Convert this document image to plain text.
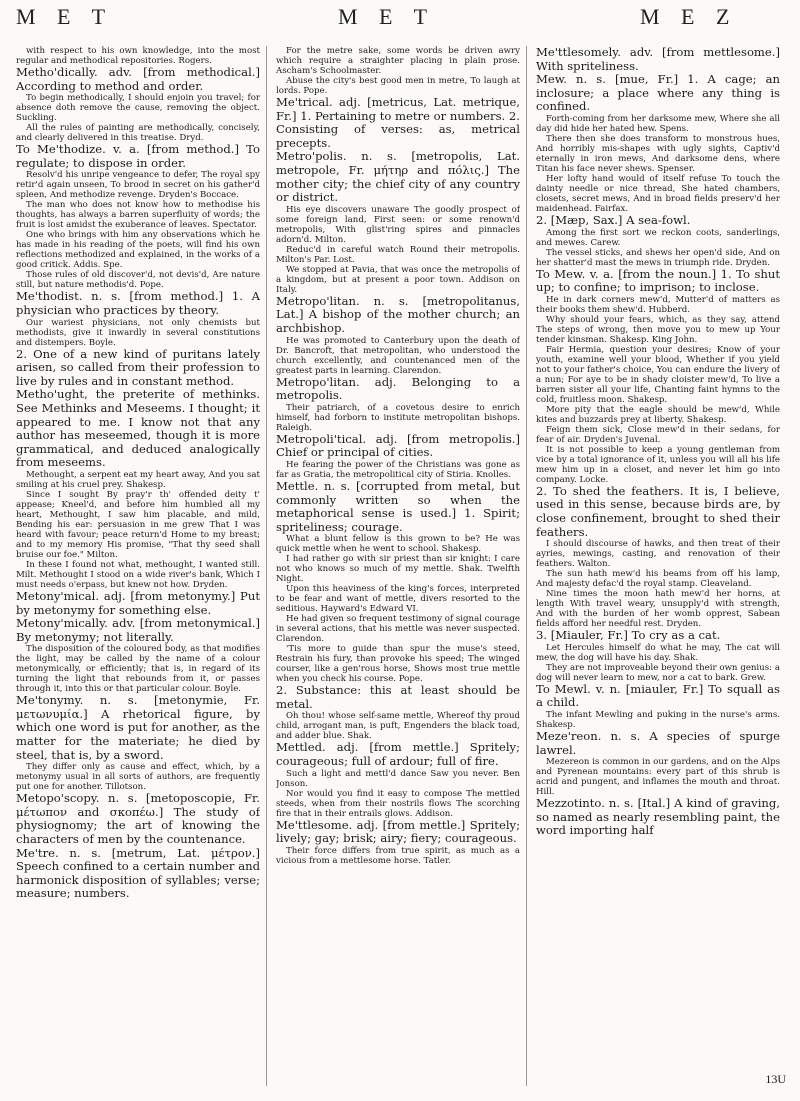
M E T	M E T	M E Z

with respect to his own knowledge, into the most regular and methodical repositories. Rogers.

Metho'dically. adv. [from methodical.] According to method and order.

To begin methodically, I should enjoin you travel; for absence doth remove the cause, removing the object. Suckling.

All the rules of painting are methodically, concisely, and clearly delivered in this treatise. Dryd.

To Me'thodize. v. a. [from method.] To regulate; to dispose in order.

Resolv'd his unripe vengeance to defer, The royal spy retir'd again unseen, To brood in secret on his gather'd spleen, And methodize revenge. Dryden's Boccace.

The man who does not know how to methodise his thoughts, has always a barren superfluity of words; the fruit is lost amidst the exuberance of leaves. Spectator.

One who brings with him any observations which he has made in his reading of the poets, will find his own reflections methodized and explained, in the works of a good critick. Addis. Spe.

Those rules of old discover'd, not devis'd, Are nature still, but nature methodis'd. Pope.

Me'thodist. n. s. [from method.] 1. A physician who practices by theory.

Our wariest physicians, not only chemists but methodists, give it inwardly in several constitutions and distempers. Boyle.

2. One of a new kind of puritans lately arisen, so called from their profession to live by rules and in constant method.

Metho'ught, the preterite of methinks. See Methinks and Meseems. I thought; it appeared to me. I know not that any author has meseemed, though it is more grammatical, and deduced analogically from meseems.

Methought, a serpent eat my heart away, And you sat smiling at his cruel prey. Shakesp.

Since I sought By pray'r th' offended deity t' appease; Kneel'd, and before him humbled all my heart, Methought, I saw him placable, and mild, Bending his ear: persuasion in me grew That I was heard with favour; peace return'd Home to my breast; and to my memory His promise, "That thy seed shall bruise our foe." Milton.

In these I found not what, methought, I wanted still. Milt. Methought I stood on a wide river's bank, Which I must needs o'erpass, but knew not how. Dryden.

Metony'mical. adj. [from metonymy.] Put by metonymy for something else.

Metony'mically. adv. [from metonymical.] By metonymy; not literally.

The disposition of the coloured body, as that modifies the light, may be called by the name of a colour metonymically, or efficiently; that is, in regard of its turning the light that rebounds from it, or passes through it, into this or that particular colour. Boyle.

Me'tonymy. n. s. [metonymie, Fr. μετωνυμία.] A rhetorical figure, by which one word is put for another, as the matter for the materiate; he died by steel, that is, by a sword.

They differ only as cause and effect, which, by a metonymy usual in all sorts of authors, are frequently put one for another. Tillotson.

Metopo'scopy. n. s. [metoposcopie, Fr. μέτωπον and σκοπέω.] The study of physiognomy; the art of knowing the characters of men by the countenance.

Me'tre. n. s. [metrum, Lat. μέτρον.] Speech confined to a certain number and harmonick disposition of syllables; verse; measure; numbers.

For the metre sake, some words be driven awry which require a straighter placing in plain prose. Ascham's Schoolmaster.

Abuse the city's best good men in metre, To laugh at lords. Pope.

Me'trical. adj. [metricus, Lat. metrique, Fr.] 1. Pertaining to metre or numbers. 2. Consisting of verses: as, metrical precepts.

Metro'polis. n. s. [metropolis, Lat. metropole, Fr. μήτηρ and πόλις.] The mother city; the chief city of any country or district.

His eye discovers unaware The goodly prospect of some foreign land, First seen: or some renown'd metropolis, With glist'ring spires and pinnacles adorn'd. Milton.

Reduc'd in careful watch Round their metropolis. Milton's Par. Lost.

We stopped at Pavia, that was once the metropolis of a kingdom, but at present a poor town. Addison on Italy.

Metropo'litan. n. s. [metropolitanus, Lat.] A bishop of the mother church; an archbishop.

He was promoted to Canterbury upon the death of Dr. Bancroft, that metropolitan, who understood the church excellently, and countenanced men of the greatest parts in learning. Clarendon.

Metropo'litan. adj. Belonging to a metropolis.

Their patriarch, of a covetous desire to enrich himself, had forborn to institute metropolitan bishops. Raleigh.

Metropoli'tical. adj. [from metropolis.] Chief or principal of cities.

He fearing the power of the Christians was gone as far as Gratia, the metropolitical city of Stiria. Knolles.

Mettle. n. s. [corrupted from metal, but commonly written so when the metaphorical sense is used.] 1. Spirit; spriteliness; courage.

What a blunt fellow is this grown to be? He was quick mettle when he went to school. Shakesp.

I had rather go with sir priest than sir knight: I care not who knows so much of my mettle. Shak. Twelfth Night.

Upon this heaviness of the king's forces, interpreted to be fear and want of mettle, divers resorted to the seditious. Hayward's Edward VI.

He had given so frequent testimony of signal courage in several actions, that his mettle was never suspected. Clarendon.

'Tis more to guide than spur the muse's steed, Restrain his fury, than provoke his speed; The winged courser, like a gen'rous horse, Shows most true mettle when you check his course. Pope.

2. Substance: this at least should be metal.

Oh thou! whose self-same mettle, Whereof thy proud child, arrogant man, is puft, Engenders the black toad, and adder blue. Shak.

Mettled. adj. [from mettle.] Spritely; courageous; full of ardour; full of fire.

Such a light and mettl'd dance Saw you never. Ben Jonson.

Nor would you find it easy to compose The mettled steeds, when from their nostrils flows The scorching fire that in their entrails glows. Addison.

Me'ttlesome. adj. [from mettle.] Spritely; lively; gay; brisk; airy; fiery; courageous.

Their force differs from true spirit, as much as a vicious from a mettlesome horse. Tatler.

Me'ttlesomely. adv. [from mettlesome.] With spriteliness.

Mew. n. s. [mue, Fr.] 1. A cage; an inclosure; a place where any thing is confined.

Forth-coming from her darksome mew, Where she all day did hide her hated hew. Spens.

There then she does transform to monstrous hues, And horribly mis-shapes with ugly sights, Captiv'd eternally in iron mews, And darksome dens, where Titan his face never shews. Spenser.

Her lofty hand would of itself refuse To touch the dainty needle or nice thread, She hated chambers, closets, secret mews, And in broad fields preserv'd her maidenhead. Fairfax.

2. [Mæp, Sax.] A sea-fowl.

Among the first sort we reckon coots, sanderlings, and mewes. Carew.

The vessel sticks, and shews her open'd side, And on her shatter'd mast the mews in triumph ride. Dryden.

To Mew. v. a. [from the noun.] 1. To shut up; to confine; to imprison; to inclose.

He in dark corners mew'd, Mutter'd of matters as their books them shew'd. Hubberd.

Why should your fears, which, as they say, attend The steps of wrong, then move you to mew up Your tender kinsman. Shakesp. King John.

Fair Hermia, question your desires; Know of your youth, examine well your blood, Whether if you yield not to your father's choice, You can endure the livery of a nun; For aye to be in shady cloister mew'd, To live a barren sister all your life, Chanting faint hymns to the cold, fruitless moon. Shakesp.

More pity that the eagle should be mew'd, While kites and buzzards prey at liberty. Shakesp.

Feign them sick, Close mew'd in their sedans, for fear of air. Dryden's Juvenal.

It is not possible to keep a young gentleman from vice by a total ignorance of it, unless you will all his life mew him up in a closet, and never let him go into company. Locke.

2. To shed the feathers. It is, I believe, used in this sense, because birds are, by close confinement, brought to shed their feathers.

I should discourse of hawks, and then treat of their ayries, mewings, casting, and renovation of their feathers. Walton.

The sun hath mew'd his beams from off his lamp, And majesty defac'd the royal stamp. Cleaveland.

Nine times the moon hath mew'd her horns, at length With travel weary, unsupply'd with strength, And with the burden of her womb opprest, Sabean fields afford her needful rest. Dryden.

3. [Miauler, Fr.] To cry as a cat.

Let Hercules himself do what he may, The cat will mew, the dog will have his day. Shak.

They are not improveable beyond their own genius: a dog will never learn to mew, nor a cat to bark. Grew.

To Mewl. v. n. [miauler, Fr.] To squall as a child.

The infant Mewling and puking in the nurse's arms. Shakesp.

Meze'reon. n. s. A species of spurge lawrel.

Mezereon is common in our gardens, and on the Alps and Pyrenean mountains: every part of this shrub is acrid and pungent, and inflames the mouth and throat. Hill.

Mezzotinto. n. s. [Ital.] A kind of graving, so named as nearly resembling paint, the word importing half

13U
